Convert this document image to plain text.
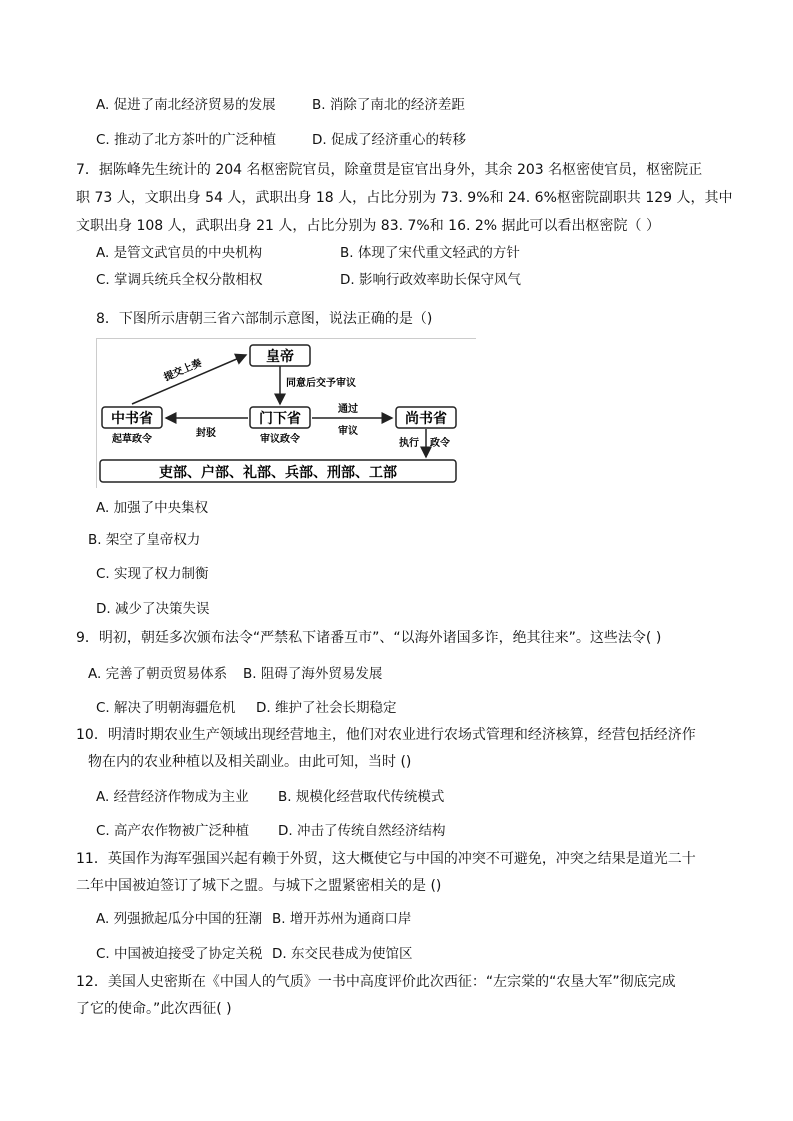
A. 促进了南北经济贸易的发展	B. 消除了南北的经济差距
C. 推动了北方茶叶的广泛种植	D. 促成了经济重心的转移
7．据陈峰先生统计的 204 名枢密院官员，除童贯是宦官出身外，其余 203 名枢密使官员，枢密院正
职 73 人，文职出身 54 人，武职出身 18 人，占比分别为 73. 9%和 24. 6%枢密院副职共 129 人，其中
文职出身 108 人，武职出身 21 人，占比分别为 83. 7%和 16. 2% 据此可以看出枢密院（ ）
A. 是管文武官员的中央机构	B. 体现了宋代重文轻武的方针
C. 掌调兵统兵全权分散相权	D. 影响行政效率助长保守风气
8．下图所示唐朝三省六部制示意图，说法正确的是（)
皇帝
中书省	门下省	尚书省
吏部、户部、礼部、兵部、刑部、工部
提交上奏	同意后交予审议
封驳
起草政令	审议政令
通过
审议
执行 政令
A. 加强了中央集权
B. 架空了皇帝权力
C. 实现了权力制衡
D. 减少了决策失误
9．明初，朝廷多次颁布法令“严禁私下诸番互市”、“以海外诸国多诈，绝其往来”。这些法令( )
A. 完善了朝贡贸易体系 B. 阻碍了海外贸易发展
C. 解决了明朝海疆危机 D. 维护了社会长期稳定
10．明清时期农业生产领域出现经营地主，他们对农业进行农场式管理和经济核算，经营包括经济作
物在内的农业种植以及相关副业。由此可知，当时 ()
A. 经营经济作物成为主业 B. 规模化经营取代传统模式
C. 高产农作物被广泛种植 D. 冲击了传统自然经济结构
11．英国作为海军强国兴起有赖于外贸，这大概使它与中国的冲突不可避免，冲突之结果是道光二十
二年中国被迫签订了城下之盟。与城下之盟紧密相关的是 ()
A. 列强掀起瓜分中国的狂潮 B. 增开苏州为通商口岸
C. 中国被迫接受了协定关税 D. 东交民巷成为使馆区
12．美国人史密斯在《中国人的气质》一书中高度评价此次西征：“左宗棠的“农垦大军”彻底完成
了它的使命。”此次西征( )
